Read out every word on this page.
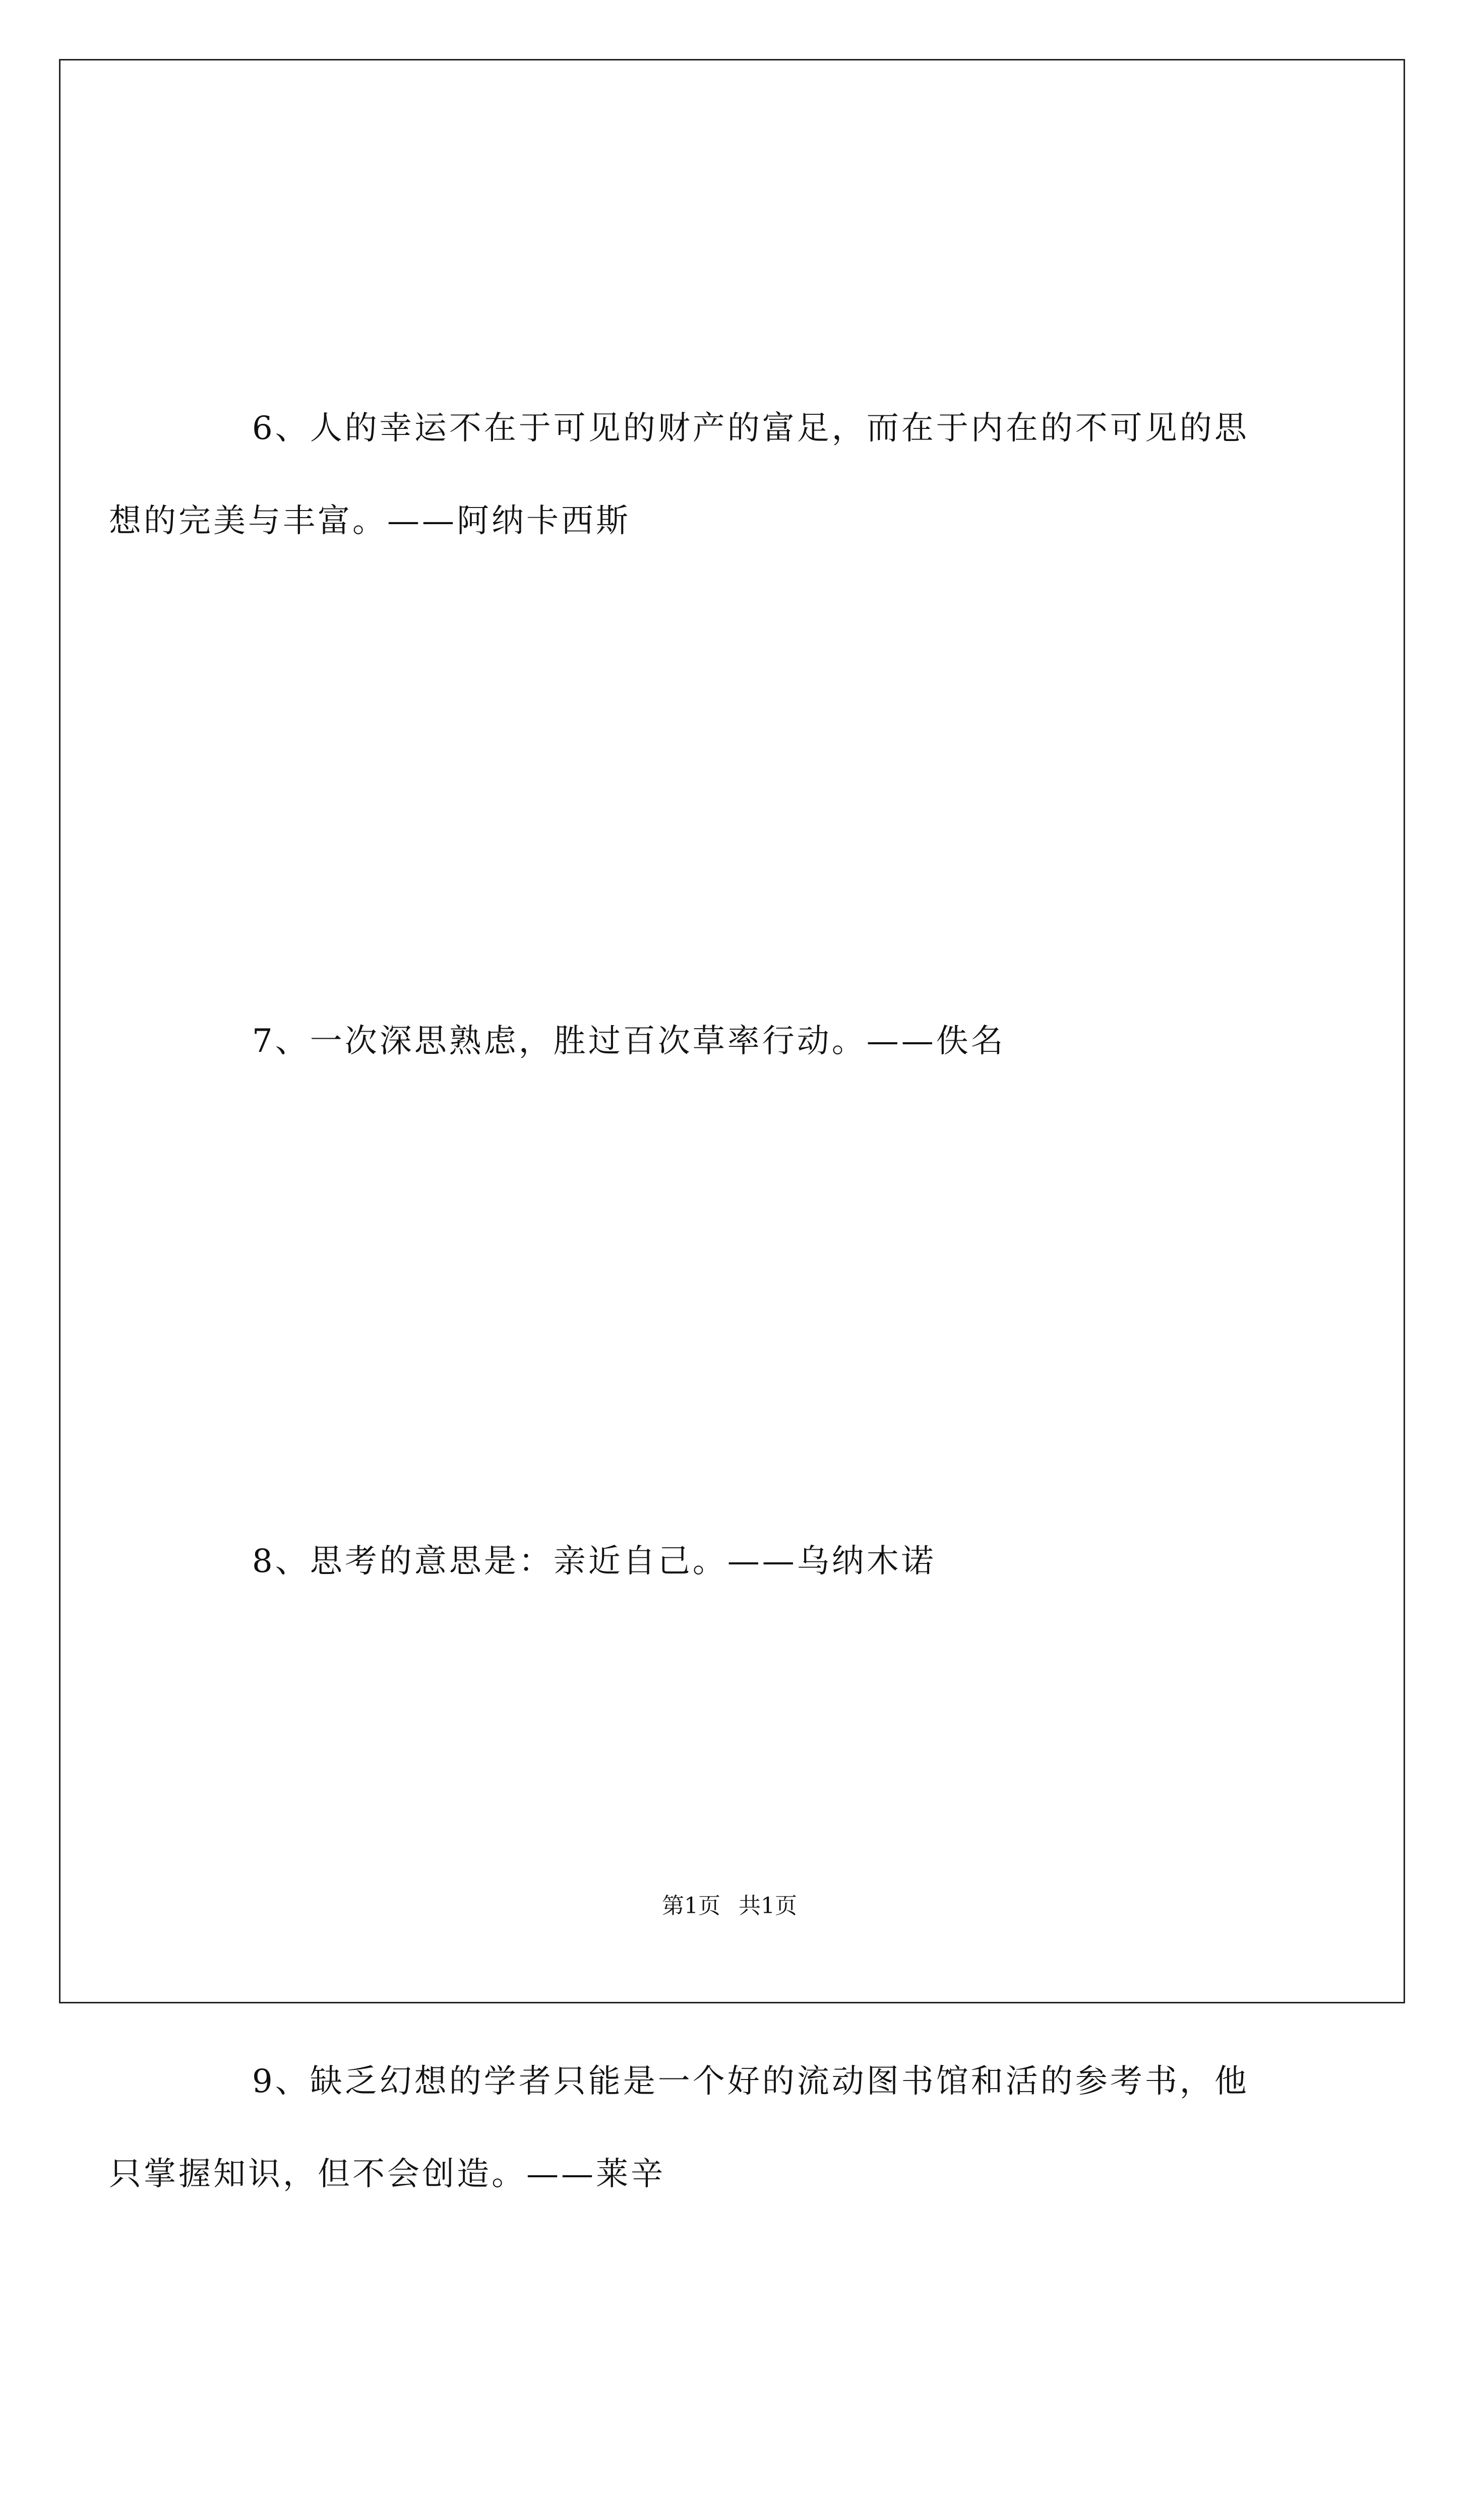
6、人的幸运不在于可见的财产的富足，而在于内在的不可见的思
想的完美与丰富。——阿纳卡西斯

7、一次深思熟虑，胜过百次草率行动。——佚名

8、思考的意思是：亲近自己。——乌纳木诺

9、缺乏幻想的学者只能是一个好的流动图书馆和活的参考书，他
只掌握知识，但不会创造。——莱辛

第1页 共1页
